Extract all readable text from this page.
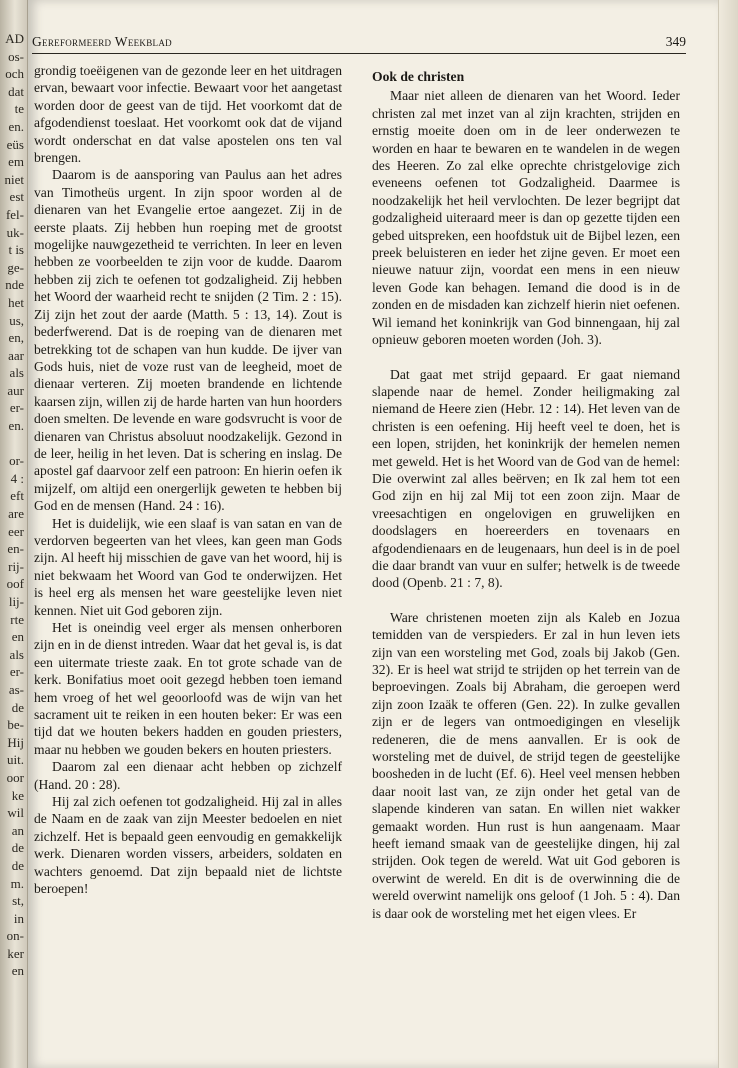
AD
os-
och
dat
te
en.
eüs
em
niet
est
fel-
uk-
t is
ge-
nde
het
us,
en,
aar
als
aur
er-
en.
or-
4 :
eft
are
eer
en-
rij-
oof
lij-
rte
en
als
er-
as-
de
be-
Hij
uit.
oor
ke
wil
an
de
de
m.
st,
in
on-
ker
en
Gereformeerd Weekblad	349

grondig toeëigenen van de gezonde leer en het uitdragen ervan, bewaart voor infectie. Bewaart voor het aangetast worden door de geest van de tijd. Het voorkomt dat de afgodendienst toeslaat. Het voorkomt ook dat de vijand wordt onderschat en dat valse apostelen ons ten val brengen.

Daarom is de aansporing van Paulus aan het adres van Timotheüs urgent. In zijn spoor worden al de dienaren van het Evangelie ertoe aangezet. Zij in de eerste plaats. Zij hebben hun roeping met de grootst mogelijke nauwgezetheid te verrichten. In leer en leven hebben ze voorbeelden te zijn voor de kudde. Daarom hebben zij zich te oefenen tot godzaligheid. Zij hebben het Woord der waarheid recht te snijden (2 Tim. 2 : 15). Zij zijn het zout der aarde (Matth. 5 : 13, 14). Zout is bederfwerend. Dat is de roeping van de dienaren met betrekking tot de schapen van hun kudde. De ijver van Gods huis, niet de voze rust van de leegheid, moet de dienaar verteren. Zij moeten brandende en lichtende kaarsen zijn, willen zij de harde harten van hun hoorders doen smelten. De levende en ware godsvrucht is voor de dienaren van Christus absoluut noodzakelijk. Gezond in de leer, heilig in het leven. Dat is schering en inslag. De apostel gaf daarvoor zelf een patroon: En hierin oefen ik mijzelf, om altijd een onergerlijk geweten te hebben bij God en de mensen (Hand. 24 : 16).

Het is duidelijk, wie een slaaf is van satan en van de verdorven begeerten van het vlees, kan geen man Gods zijn. Al heeft hij misschien de gave van het woord, hij is niet bekwaam het Woord van God te onderwijzen. Het is heel erg als mensen het ware geestelijke leven niet kennen. Niet uit God geboren zijn.

Het is oneindig veel erger als mensen onherboren zijn en in de dienst intreden. Waar dat het geval is, is dat een uitermate trieste zaak. En tot grote schade van de kerk. Bonifatius moet ooit gezegd hebben toen iemand hem vroeg of het wel geoorloofd was de wijn van het sacrament uit te reiken in een houten beker: Er was een tijd dat we houten bekers hadden en gouden priesters, maar nu hebben we gouden bekers en houten priesters.

Daarom zal een dienaar acht hebben op zichzelf (Hand. 20 : 28).

Hij zal zich oefenen tot godzaligheid. Hij zal in alles de Naam en de zaak van zijn Meester bedoelen en niet zichzelf. Het is bepaald geen eenvoudig en gemakkelijk werk. Dienaren worden vissers, arbeiders, soldaten en wachters genoemd. Dat zijn bepaald niet de lichtste beroepen!

Ook de christen

Maar niet alleen de dienaren van het Woord. Ieder christen zal met inzet van al zijn krachten, strijden en ernstig moeite doen om in de leer onderwezen te worden en haar te bewaren en te wandelen in de wegen des Heeren. Zo zal elke oprechte christgelovige zich eveneens oefenen tot Godzaligheid. Daarmee is noodzakelijk het heil vervlochten. De lezer begrijpt dat godzaligheid uiteraard meer is dan op gezette tijden een gebed uitspreken, een hoofdstuk uit de Bijbel lezen, een preek beluisteren en ieder het zijne geven. Er moet een nieuwe natuur zijn, voordat een mens in een nieuw leven Gode kan behagen. Iemand die dood is in de zonden en de misdaden kan zichzelf hierin niet oefenen. Wil iemand het koninkrijk van God binnengaan, hij zal opnieuw geboren moeten worden (Joh. 3).

Dat gaat met strijd gepaard. Er gaat niemand slapende naar de hemel. Zonder heiligmaking zal niemand de Heere zien (Hebr. 12 : 14). Het leven van de christen is een oefening. Hij heeft veel te doen, het is een lopen, strijden, het koninkrijk der hemelen nemen met geweld. Het is het Woord van de God van de hemel: Die overwint zal alles beërven; en Ik zal hem tot een God zijn en hij zal Mij tot een zoon zijn. Maar de vreesachtigen en ongelovigen en gruwelijken en doodslagers en hoereerders en tovenaars en afgodendienaars en de leugenaars, hun deel is in de poel die daar brandt van vuur en sulfer; hetwelk is de tweede dood (Openb. 21 : 7, 8).

Ware christenen moeten zijn als Kaleb en Jozua temidden van de verspieders. Er zal in hun leven iets zijn van een worsteling met God, zoals bij Jakob (Gen. 32). Er is heel wat strijd te strijden op het terrein van de beproevingen. Zoals bij Abraham, die geroepen werd zijn zoon Izaäk te offeren (Gen. 22). In zulke gevallen zijn er de legers van ontmoedigingen en vleselijk redeneren, die de mens aanvallen. Er is ook de worsteling met de duivel, de strijd tegen de geestelijke boosheden in de lucht (Ef. 6). Heel veel mensen hebben daar nooit last van, ze zijn onder het getal van de slapende kinderen van satan. En willen niet wakker gemaakt worden. Hun rust is hun aangenaam. Maar heeft iemand smaak van de geestelijke dingen, hij zal strijden. Ook tegen de wereld. Wat uit God geboren is overwint de wereld. En dit is de overwinning die de wereld overwint namelijk ons geloof (1 Joh. 5 : 4). Dan is daar ook de worsteling met het eigen vlees. Er
